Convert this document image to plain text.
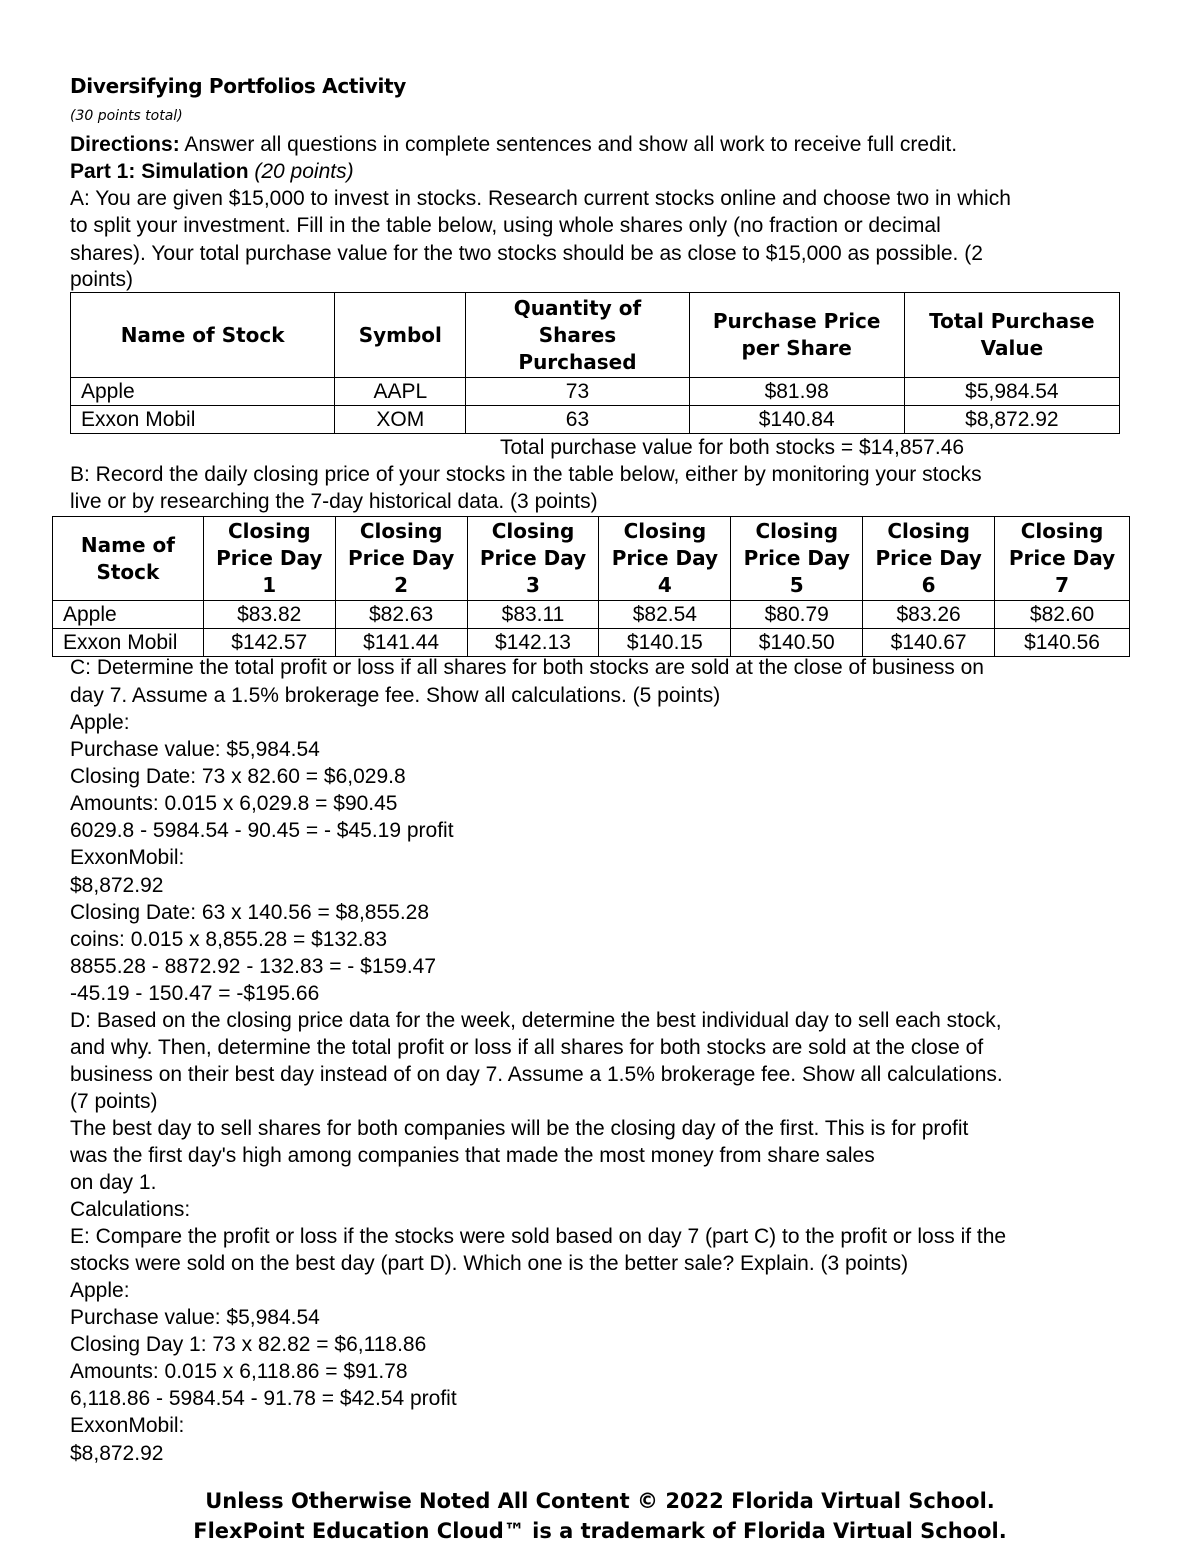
Diversifying Portfolios Activity
(30 points total)
Directions: Answer all questions in complete sentences and show all work to receive full credit.
Part 1: Simulation (20 points)
A: You are given $15,000 to invest in stocks. Research current stocks online and choose two in which
to split your investment. Fill in the table below, using whole shares only (no fraction or decimal
shares). Your total purchase value for the two stocks should be as close to $15,000 as possible. (2
points)
Name of Stock	Symbol	Quantity of
Shares
Purchased	Purchase Price
per Share	Total Purchase
Value
Apple	AAPL	73	$81.98	$5,984.54
Exxon Mobil	XOM	63	$140.84	$8,872.92
Total purchase value for both stocks = $14,857.46
B: Record the daily closing price of your stocks in the table below, either by monitoring your stocks
live or by researching the 7-day historical data. (3 points)
Name of
Stock	Closing
Price Day
1	Closing
Price Day
2	Closing
Price Day
3	Closing
Price Day
4	Closing
Price Day
5	Closing
Price Day
6	Closing
Price Day
7
Apple	$83.82	$82.63	$83.11	$82.54	$80.79	$83.26	$82.60
Exxon Mobil	$142.57	$141.44	$142.13	$140.15	$140.50	$140.67	$140.56
C: Determine the total profit or loss if all shares for both stocks are sold at the close of business on
day 7. Assume a 1.5% brokerage fee. Show all calculations. (5 points)
Apple:
Purchase value: $5,984.54
Closing Date: 73 x 82.60 = $6,029.8
Amounts: 0.015 x 6,029.8 = $90.45
6029.8 - 5984.54 - 90.45 = - $45.19 profit
ExxonMobil:
$8,872.92
Closing Date: 63 x 140.56 = $8,855.28
coins: 0.015 x 8,855.28 = $132.83
8855.28 - 8872.92 - 132.83 = - $159.47
-45.19 - 150.47 = -$195.66
D: Based on the closing price data for the week, determine the best individual day to sell each stock,
and why. Then, determine the total profit or loss if all shares for both stocks are sold at the close of
business on their best day instead of on day 7. Assume a 1.5% brokerage fee. Show all calculations.
(7 points)
The best day to sell shares for both companies will be the closing day of the first. This is for profit
was the first day's high among companies that made the most money from share sales
on day 1.
Calculations:
E: Compare the profit or loss if the stocks were sold based on day 7 (part C) to the profit or loss if the
stocks were sold on the best day (part D). Which one is the better sale? Explain. (3 points)
Apple:
Purchase value: $5,984.54
Closing Day 1: 73 x 82.82 = $6,118.86
Amounts: 0.015 x 6,118.86 = $91.78
6,118.86 - 5984.54 - 91.78 = $42.54 profit
ExxonMobil:
$8,872.92
Unless Otherwise Noted All Content © 2022 Florida Virtual School.
FlexPoint Education Cloud™ is a trademark of Florida Virtual School.
